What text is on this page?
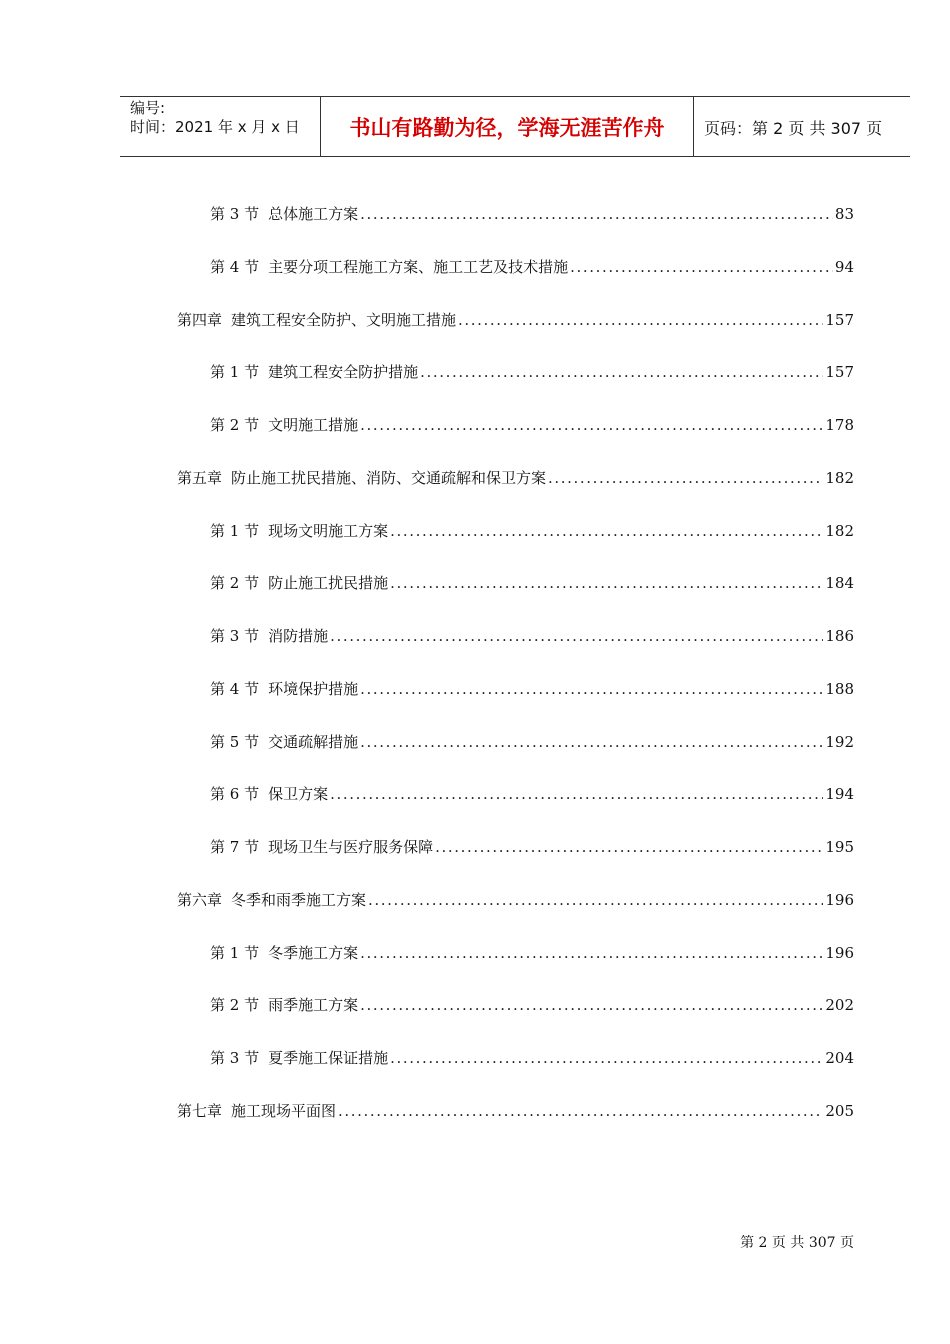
编号:
时间：2021 年 x 月 x 日	书山有路勤为径，学海无涯苦作舟	页码：第 2 页 共 307 页
第 3 节 总体施工方案 .....	83
第 4 节 主要分项工程施工方案、施工工艺及技术措施 .....	94
第四章 建筑工程安全防护、文明施工措施 .....	157
第 1 节 建筑工程安全防护措施 .....	157
第 2 节 文明施工措施 .....	178
第五章 防止施工扰民措施、消防、交通疏解和保卫方案 .....	182
第 1 节 现场文明施工方案 .....	182
第 2 节 防止施工扰民措施 .....	184
第 3 节 消防措施 .....	186
第 4 节 环境保护措施 .....	188
第 5 节 交通疏解措施 .....	192
第 6 节 保卫方案 .....	194
第 7 节 现场卫生与医疗服务保障 .....	195
第六章 冬季和雨季施工方案 .....	196
第 1 节 冬季施工方案 .....	196
第 2 节 雨季施工方案 .....	202
第 3 节 夏季施工保证措施 .....	204
第七章 施工现场平面图 .....	205
第 2 页 共 307 页
